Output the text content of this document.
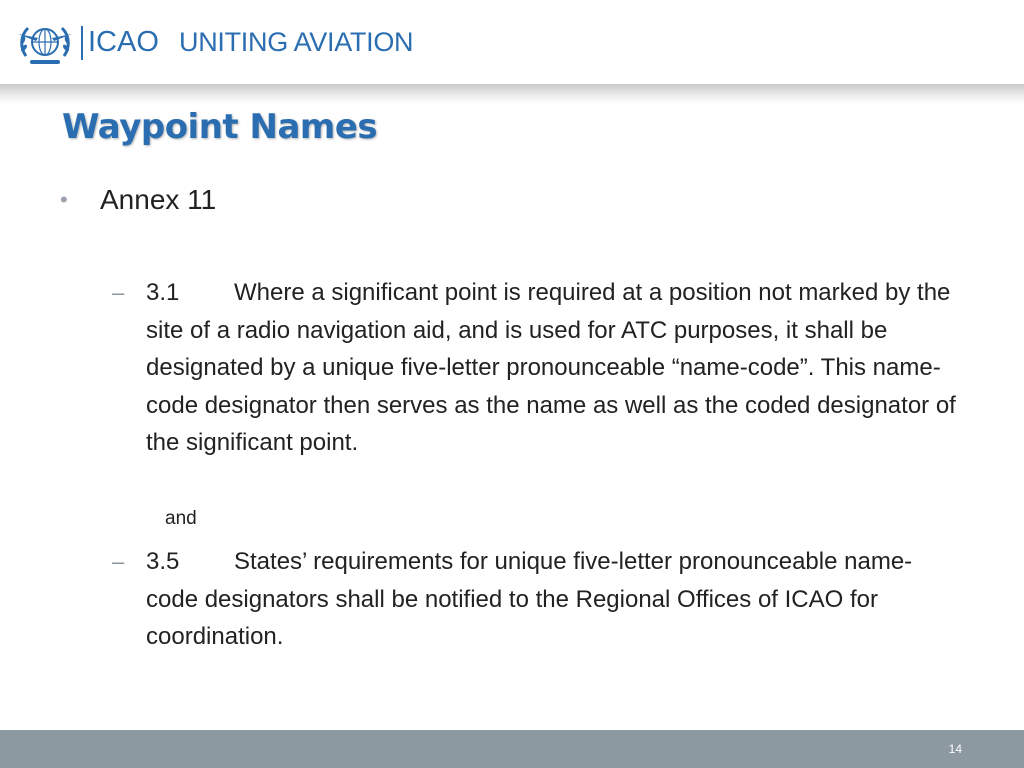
ICAO UNITING AVIATION
Waypoint Names
• Annex 11
– 3.1	Where a significant point is required at a position not marked by the site of a radio navigation aid, and is used for ATC purposes, it shall be designated by a unique five-letter pronounceable “name-code”. This name-code designator then serves as the name as well as the coded designator of the significant point.
and
– 3.5	States’ requirements for unique five-letter pronounceable name-code designators shall be notified to the Regional Offices of ICAO for coordination.
14
